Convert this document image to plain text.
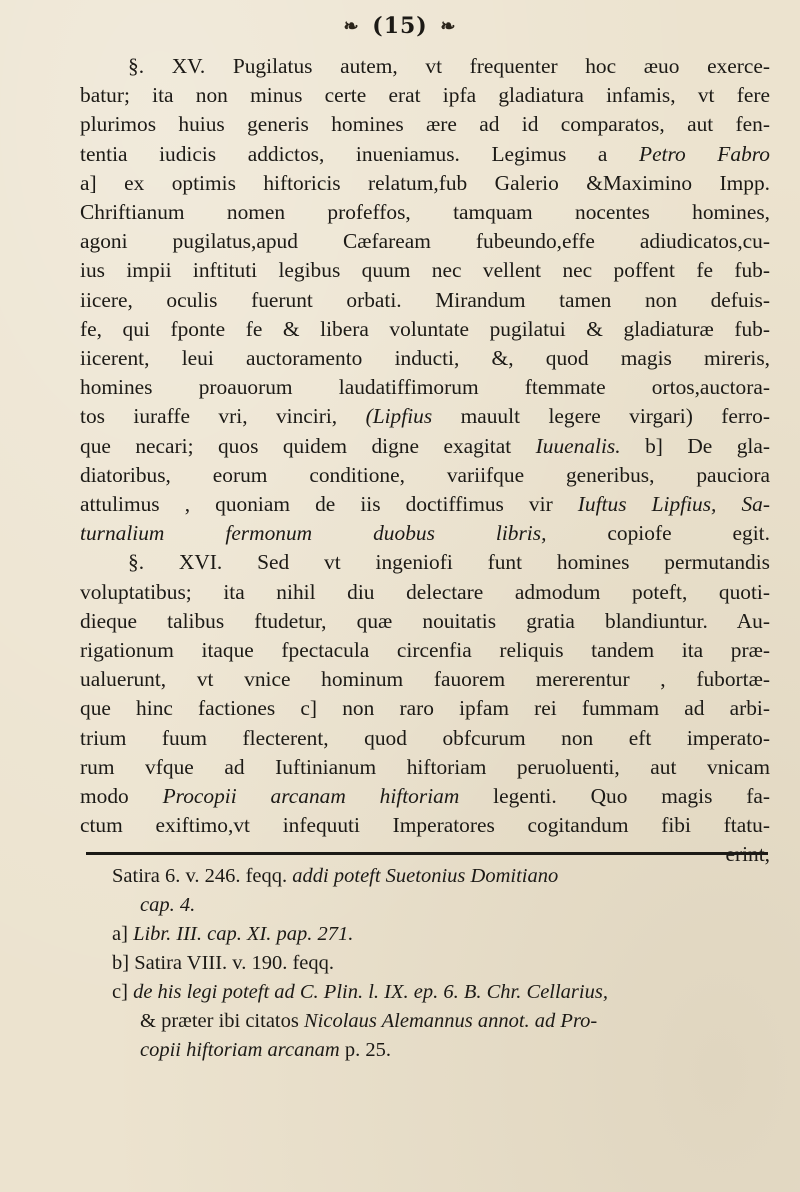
❧ (15) ❧
§. XV. Pugilatus autem, vt frequenter hoc æuo exerce-
batur; ita non minus certe erat ipfa gladiatura infamis, vt fere
plurimos huius generis homines ære ad id comparatos, aut fen-
tentia iudicis addictos, inueniamus. Legimus a Petro Fabro
a] ex optimis hiftoricis relatum,fub Galerio &Maximino Impp.
Chriftianum nomen profeffos, tamquam nocentes homines,
agoni pugilatus,apud Cæfaream fubeundo,effe adiudicatos,cu-
ius impii inftituti legibus quum nec vellent nec poffent fe fub-
iicere, oculis fuerunt orbati. Mirandum tamen non defuis-
fe, qui fponte fe & libera voluntate pugilatui & gladiaturæ fub-
iicerent, leui auctoramento inducti, &, quod magis mireris,
homines proauorum laudatiffimorum ftemmate ortos,auctora-
tos iuraffe vri, vinciri, (Lipfius mauult legere virgari) ferro-
que necari; quos quidem digne exagitat Iuuenalis. b] De gla-
diatoribus, eorum conditione, variifque generibus, pauciora
attulimus , quoniam de iis doctiffimus vir Iuftus Lipfius, Sa-
turnalium fermonum duobus libris,	copiofe egit.
§. XVI. Sed vt ingeniofi funt homines permutandis
voluptatibus; ita nihil diu delectare admodum poteft, quoti-
dieque talibus ftudetur, quæ nouitatis gratia blandiuntur. Au-
rigationum itaque fpectacula circenfia reliquis tandem ita præ-
ualuerunt, vt vnice hominum fauorem mererentur , fubortæ-
que hinc factiones c] non raro ipfam rei fummam ad arbi-
trium fuum flecterent, quod obfcurum non eft imperato-
rum vfque ad Iuftinianum hiftoriam peruoluenti, aut vnicam
modo Procopii arcanam hiftoriam legenti. Quo magis fa-
ctum exiftimo,vt infequuti Imperatores cogitandum fibi ftatu-
erint,
Satira 6. v. 246. feqq. addi poteft Suetonius Domitiano
cap. 4.
a] Libr. III. cap. XI. pap. 271.
b] Satira VIII. v. 190. feqq.
c] de his legi poteft ad C. Plin. l. IX. ep. 6. B. Chr. Cellarius,
& præter ibi citatos Nicolaus Alemannus annot. ad Pro-
copii hiftoriam arcanam p. 25.
